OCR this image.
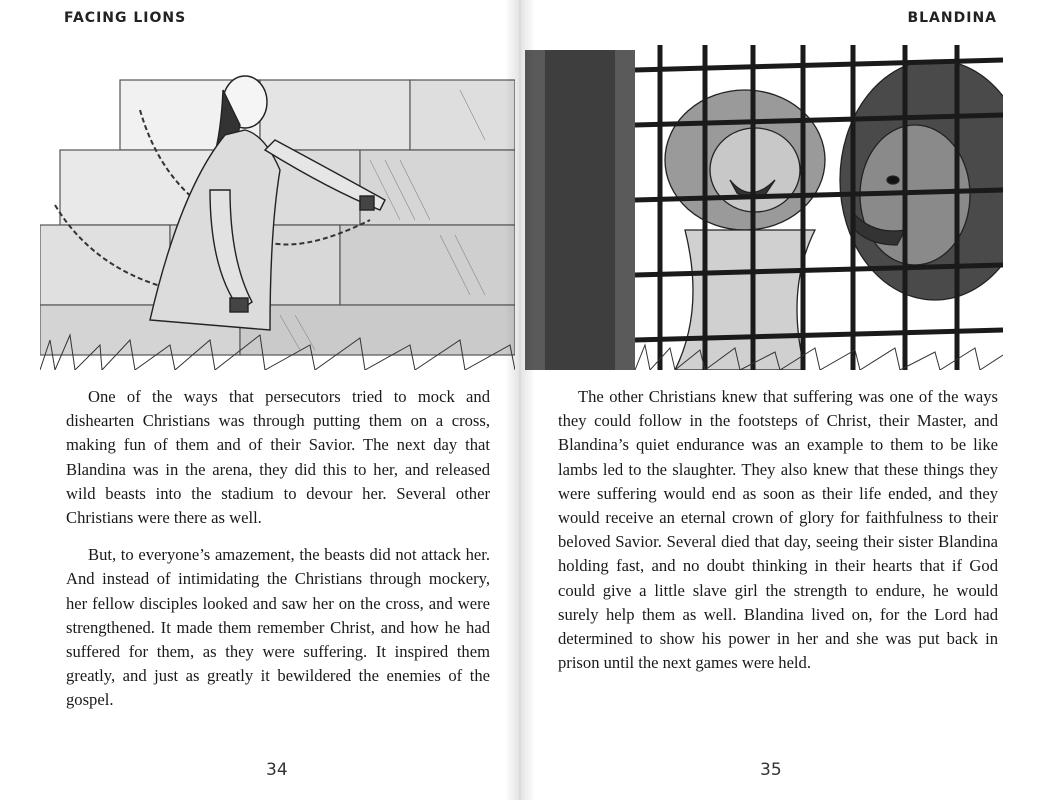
FACING LIONS

One of the ways that persecutors tried to mock and dishearten Christians was through putting them on a cross, making fun of them and of their Savior. The next day that Blandina was in the arena, they did this to her, and released wild beasts into the stadium to devour her. Several other Christians were there as well.

But, to everyone’s amazement, the beasts did not attack her. And instead of intimidating the Christians through mockery, her fellow disciples looked and saw her on the cross, and were strengthened. It made them remember Christ, and how he had suffered for them, as they were suffering. It inspired them greatly, and just as greatly it bewildered the enemies of the gospel.

34
BLANDINA

The other Christians knew that suffering was one of the ways they could follow in the footsteps of Christ, their Master, and Blandina’s quiet endurance was an example to them to be like lambs led to the slaughter. They also knew that these things they were suffering would end as soon as their life ended, and they would receive an eternal crown of glory for faithfulness to their beloved Savior. Several died that day, seeing their sister Blandina holding fast, and no doubt thinking in their hearts that if God could give a little slave girl the strength to endure, he would surely help them as well. Blandina lived on, for the Lord had determined to show his power in her and she was put back in prison until the next games were held.

35
